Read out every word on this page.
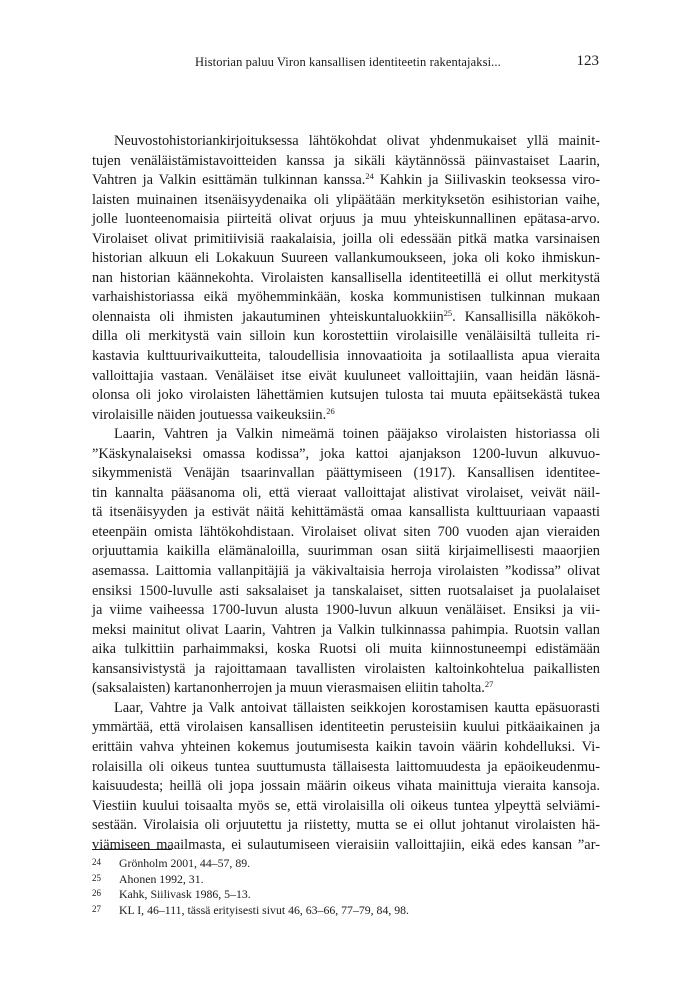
Historian paluu Viron kansallisen identiteetin rakentajaksi...	123
Neuvostohistoriankirjoituksessa lähtökohdat olivat yhdenmukaiset yllä mainit-
tujen venäläistämistavoitteiden kanssa ja sikäli käytännössä päinvastaiset Laarin,
Vahtren ja Valkin esittämän tulkinnan kanssa.$^{24}$ Kahkin ja Siilivaskin teoksessa viro-
laisten muinainen itsenäisyydenaika oli ylipäätään merkityksetön esihistorian vaihe,
jolle luonteenomaisia piirteitä olivat orjuus ja muu yhteiskunnallinen epätasa-arvo.
Virolaiset olivat primitiivisiä raakalaisia, joilla oli edessään pitkä matka varsinaisen
historian alkuun eli Lokakuun Suureen vallankumoukseen, joka oli koko ihmiskun-
nan historian käännekohta. Virolaisten kansallisella identiteetillä ei ollut merkitystä
varhaishistoriassa eikä myöhemminkään, koska kommunistisen tulkinnan mukaan
olennaista oli ihmisten jakautuminen yhteiskuntaluokkiin$^{25}$. Kansallisilla näkökoh-
dilla oli merkitystä vain silloin kun korostettiin virolaisille venäläisiltä tulleita ri-
kastavia kulttuurivaikutteita, taloudellisia innovaatioita ja sotilaallista apua vieraita
valloittajia vastaan. Venäläiset itse eivät kuuluneet valloittajiin, vaan heidän läsnä-
olonsa oli joko virolaisten lähettämien kutsujen tulosta tai muuta epäitsekästä tukea
virolaisille näiden joutuessa vaikeuksiin.$^{26}$
Laarin, Vahtren ja Valkin nimeämä toinen pääjakso virolaisten historiassa oli
”Käskynalaiseksi omassa kodissa”, joka kattoi ajanjakson 1200-luvun alkuvuo-
sikymmenistä Venäjän tsaarinvallan päättymiseen (1917). Kansallisen identitee-
tin kannalta pääsanoma oli, että vieraat valloittajat alistivat virolaiset, veivät näil-
tä itsenäisyyden ja estivät näitä kehittämästä omaa kansallista kulttuuriaan vapaasti
eteenpäin omista lähtökohdistaan. Virolaiset olivat siten 700 vuoden ajan vieraiden
orjuuttamia kaikilla elämänaloilla, suurimman osan siitä kirjaimellisesti maaorjien
asemassa. Laittomia vallanpitäjiä ja väkivaltaisia herroja virolaisten ”kodissa” olivat
ensiksi 1500-luvulle asti saksalaiset ja tanskalaiset, sitten ruotsalaiset ja puolalaiset
ja viime vaiheessa 1700-luvun alusta 1900-luvun alkuun venäläiset. Ensiksi ja vii-
meksi mainitut olivat Laarin, Vahtren ja Valkin tulkinnassa pahimpia. Ruotsin vallan
aika tulkittiin parhaimmaksi, koska Ruotsi oli muita kiinnostuneempi edistämään
kansansivistystä ja rajoittamaan tavallisten virolaisten kaltoinkohtelua paikallisten
(saksalaisten) kartanonherrojen ja muun vierasmaisen eliitin taholta.$^{27}$
Laar, Vahtre ja Valk antoivat tällaisten seikkojen korostamisen kautta epäsuorasti
ymmärtää, että virolaisen kansallisen identiteetin perusteisiin kuului pitkäaikainen ja
erittäin vahva yhteinen kokemus joutumisesta kaikin tavoin väärin kohdelluksi. Vi-
rolaisilla oli oikeus tuntea suuttumusta tällaisesta laittomuudesta ja epäoikeudenmu-
kaisuudesta; heillä oli jopa jossain määrin oikeus vihata mainittuja vieraita kansoja.
Viestiin kuului toisaalta myös se, että virolaisilla oli oikeus tuntea ylpeyttä selviämi-
sestään. Virolaisia oli orjuutettu ja riistetty, mutta se ei ollut johtanut virolaisten hä-
viämiseen maailmasta, ei sulautumiseen vieraisiin valloittajiin, eikä edes kansan ”ar-
24	Grönholm 2001, 44–57, 89.
25	Ahonen 1992, 31.
26	Kahk, Siilivask 1986, 5–13.
27	KL I, 46–111, tässä erityisesti sivut 46, 63–66, 77–79, 84, 98.
